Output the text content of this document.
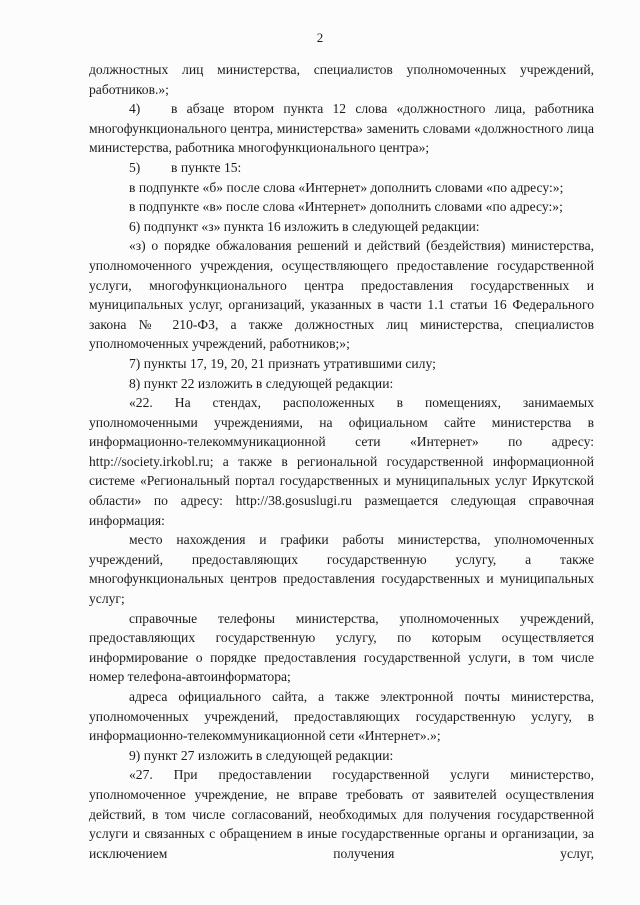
2

должностных лиц министерства, специалистов уполномоченных учреждений, работников.»;

4) в абзаце втором пункта 12 слова «должностного лица, работника многофункционального центра, министерства» заменить словами «должностного лица министерства, работника многофункционального центра»;

5) в пункте 15:

в подпункте «б» после слова «Интернет» дополнить словами «по адресу:»;

в подпункте «в» после слова «Интернет» дополнить словами «по адресу:»;

6) подпункт «з» пункта 16 изложить в следующей редакции:

«з) о порядке обжалования решений и действий (бездействия) министерства, уполномоченного учреждения, осуществляющего предоставление государственной услуги, многофункционального центра предоставления государственных и муниципальных услуг, организаций, указанных в части 1.1 статьи 16 Федерального закона № 210-ФЗ, а также должностных лиц министерства, специалистов уполномоченных учреждений, работников;»;

7) пункты 17, 19, 20, 21 признать утратившими силу;

8) пункт 22 изложить в следующей редакции:

«22. На стендах, расположенных в помещениях, занимаемых уполномоченными учреждениями, на официальном сайте министерства в информационно-телекоммуникационной сети «Интернет» по адресу: http://society.irkobl.ru; а также в региональной государственной информационной системе «Региональный портал государственных и муниципальных услуг Иркутской области» по адресу: http://38.gosuslugi.ru размещается следующая справочная информация:

место нахождения и графики работы министерства, уполномоченных учреждений, предоставляющих государственную услугу, а также многофункциональных центров предоставления государственных и муниципальных услуг;

справочные телефоны министерства, уполномоченных учреждений, предоставляющих государственную услугу, по которым осуществляется информирование о порядке предоставления государственной услуги, в том числе номер телефона-автоинформатора;

адреса официального сайта, а также электронной почты министерства, уполномоченных учреждений, предоставляющих государственную услугу, в информационно-телекоммуникационной сети «Интернет».»;

9) пункт 27 изложить в следующей редакции:

«27. При предоставлении государственной услуги министерство, уполномоченное учреждение, не вправе требовать от заявителей осуществления действий, в том числе согласований, необходимых для получения государственной услуги и связанных с обращением в иные государственные органы и организации, за исключением получения услуг,
